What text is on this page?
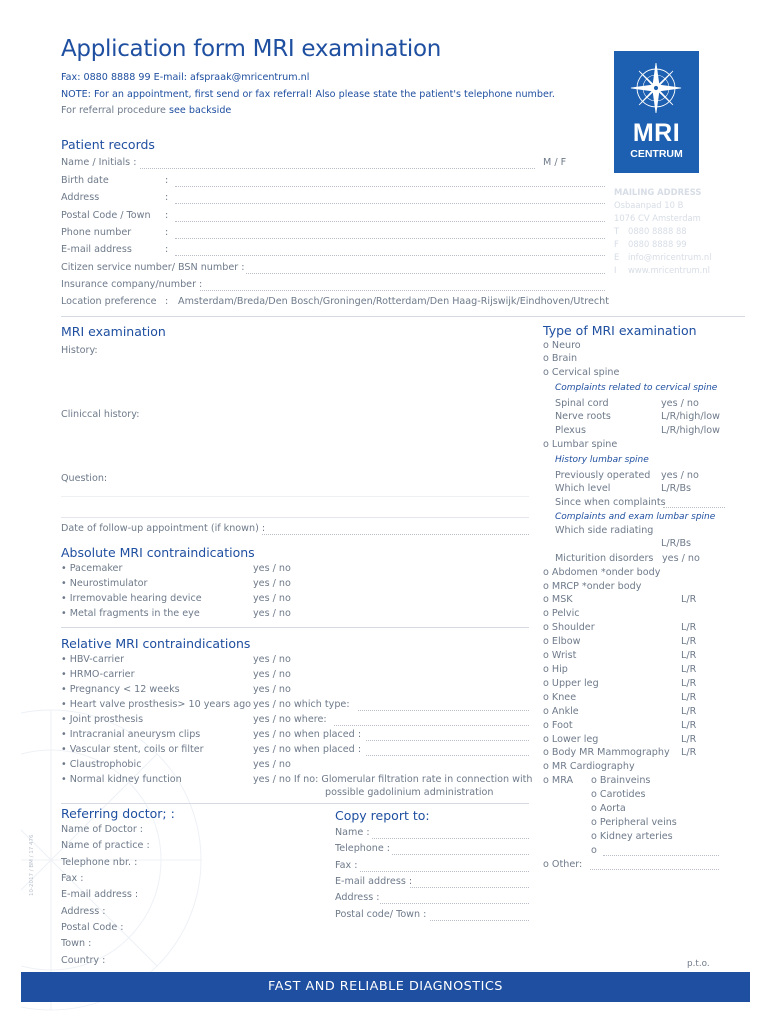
Application form MRI examination
Fax: 0880 8888 99 E-mail: afspraak@mricentrum.nl
NOTE: For an appointment, first send or fax referral! Also please state the patient's telephone number.
For referral procedure see backside
MRI
CENTRUM
MAILING ADDRESS
Osbaanpad 10 B
1076 CV Amsterdam
T 0880 8888 88
F 0880 8888 99
E info@mricentrum.nl
I www.mricentrum.nl
Patient records
Name / Initials :	M / F
Birth date	:
Address	:
Postal Code / Town :
Phone number	:
E-mail address	:
Citizen service number/ BSN number :
Insurance company/number :
Location preference : Amsterdam/Breda/Den Bosch/Groningen/Rotterdam/Den Haag-Rijswijk/Eindhoven/Utrecht
MRI examination
History:
Cliniccal history:
Question:
Date of follow-up appointment (if known) :
Absolute MRI contraindications
• Pacemaker	yes / no
• Neurostimulator	yes / no
• Irremovable hearing device	yes / no
• Metal fragments in the eye	yes / no
Relative MRI contraindications
• HBV-carrier	yes / no
• HRMO-carrier	yes / no
• Pregnancy < 12 weeks	yes / no
• Heart valve prosthesis> 10 years ago yes / no which type:
• Joint prosthesis	yes / no where:
• Intracranial aneurysm clips	yes / no when placed :
• Vascular stent, coils or filter	yes / no when placed :
• Claustrophobic	yes / no
• Normal kidney function	yes / no If no: Glomerular filtration rate in connection with
possible gadolinium administration
Referring doctor; :
Name of Doctor :
Name of practice :
Telephone nbr. :
Fax :
E-mail address :
Address :
Postal Code :
Town :
Country :
Copy report to:
Name :
Telephone :
Fax :
E-mail address :
Address :
Postal code/ Town :
Type of MRI examination
o Neuro
o Brain
o Cervical spine
Complaints related to cervical spine
Spinal cord	yes / no
Nerve roots	L/R/high/low
Plexus	L/R/high/low
o Lumbar spine
History lumbar spine
Previously operated yes / no
Which level	L/R/Bs
Since when complaints
Complaints and exam lumbar spine
Which side radiating
L/R/Bs
Micturition disorders yes / no
o Abdomen *onder body
o MRCP *onder body
o MSK	L/R
o Pelvic
o Shoulder	L/R
o Elbow	L/R
o Wrist	L/R
o Hip	L/R
o Upper leg	L/R
o Knee	L/R
o Ankle	L/R
o Foot	L/R
o Lower leg	L/R
o Body MR Mammography L/R
o MR Cardiography
o MRA o Brainveins
o Carotides
o Aorta
o Peripheral veins
o Kidney arteries
o
o Other:
p.t.o.
10-2017 / BM / 17 476
FAST AND RELIABLE DIAGNOSTICS
